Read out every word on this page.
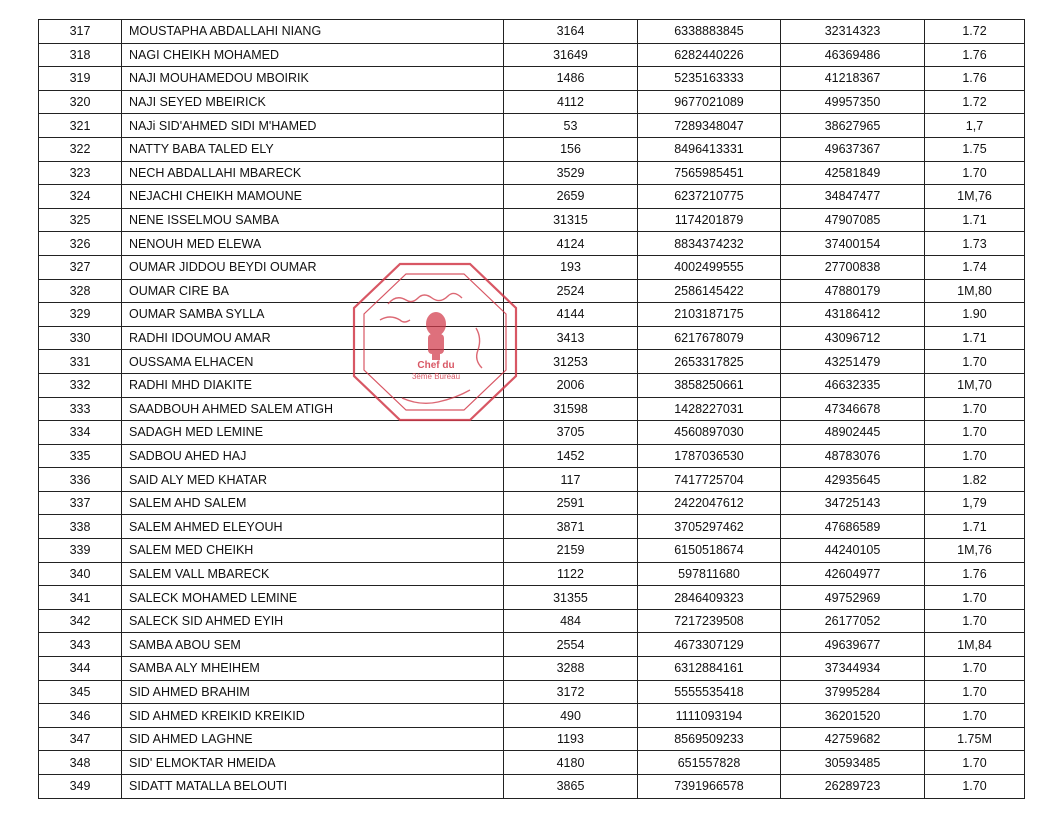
317	MOUSTAPHA ABDALLAHI NIANG	3164	6338883845	32314323	1.72
318	NAGI CHEIKH MOHAMED	31649	6282440226	46369486	1.76
319	NAJI MOUHAMEDOU MBOIRIK	1486	5235163333	41218367	1.76
320	NAJI SEYED MBEIRICK	4112	9677021089	49957350	1.72
321	NAJi SID'AHMED SIDI M'HAMED	53	7289348047	38627965	1,7
322	NATTY BABA TALED ELY	156	8496413331	49637367	1.75
323	NECH ABDALLAHI MBARECK	3529	7565985451	42581849	1.70
324	NEJACHI CHEIKH MAMOUNE	2659	6237210775	34847477	1M,76
325	NENE ISSELMOU SAMBA	31315	1174201879	47907085	1.71
326	NENOUH MED ELEWA	4124	8834374232	37400154	1.73
327	OUMAR JIDDOU BEYDI OUMAR	193	4002499555	27700838	1.74
328	OUMAR CIRE BA	2524	2586145422	47880179	1M,80
329	OUMAR SAMBA SYLLA	4144	2103187175	43186412	1.90
330	RADHI IDOUMOU AMAR	3413	6217678079	43096712	1.71
331	OUSSAMA ELHACEN	31253	2653317825	43251479	1.70
332	RADHI MHD DIAKITE	2006	3858250661	46632335	1M,70
333	SAADBOUH AHMED SALEM ATIGH	31598	1428227031	47346678	1.70
334	SADAGH MED LEMINE	3705	4560897030	48902445	1.70
335	SADBOU AHED HAJ	1452	1787036530	48783076	1.70
336	SAID ALY MED KHATAR	117	7417725704	42935645	1.82
337	SALEM AHD SALEM	2591	2422047612	34725143	1,79
338	SALEM AHMED ELEYOUH	3871	3705297462	47686589	1.71
339	SALEM MED CHEIKH	2159	6150518674	44240105	1M,76
340	SALEM VALL MBARECK	1122	597811680	42604977	1.76
341	SALECK MOHAMED LEMINE	31355	2846409323	49752969	1.70
342	SALECK SID AHMED EYIH	484	7217239508	26177052	1.70
343	SAMBA ABOU SEM	2554	4673307129	49639677	1M,84
344	SAMBA ALY MHEIHEM	3288	6312884161	37344934	1.70
345	SID AHMED BRAHIM	3172	5555535418	37995284	1.70
346	SID AHMED KREIKID KREIKID	490	1111093194	36201520	1.70
347	SID AHMED LAGHNE	1193	8569509233	42759682	1.75M
348	SID' ELMOKTAR HMEIDA	4180	651557828	30593485	1.70
349	SIDATT MATALLA BELOUTI	3865	7391966578	26289723	1.70
Chef du
3ème Bureau
